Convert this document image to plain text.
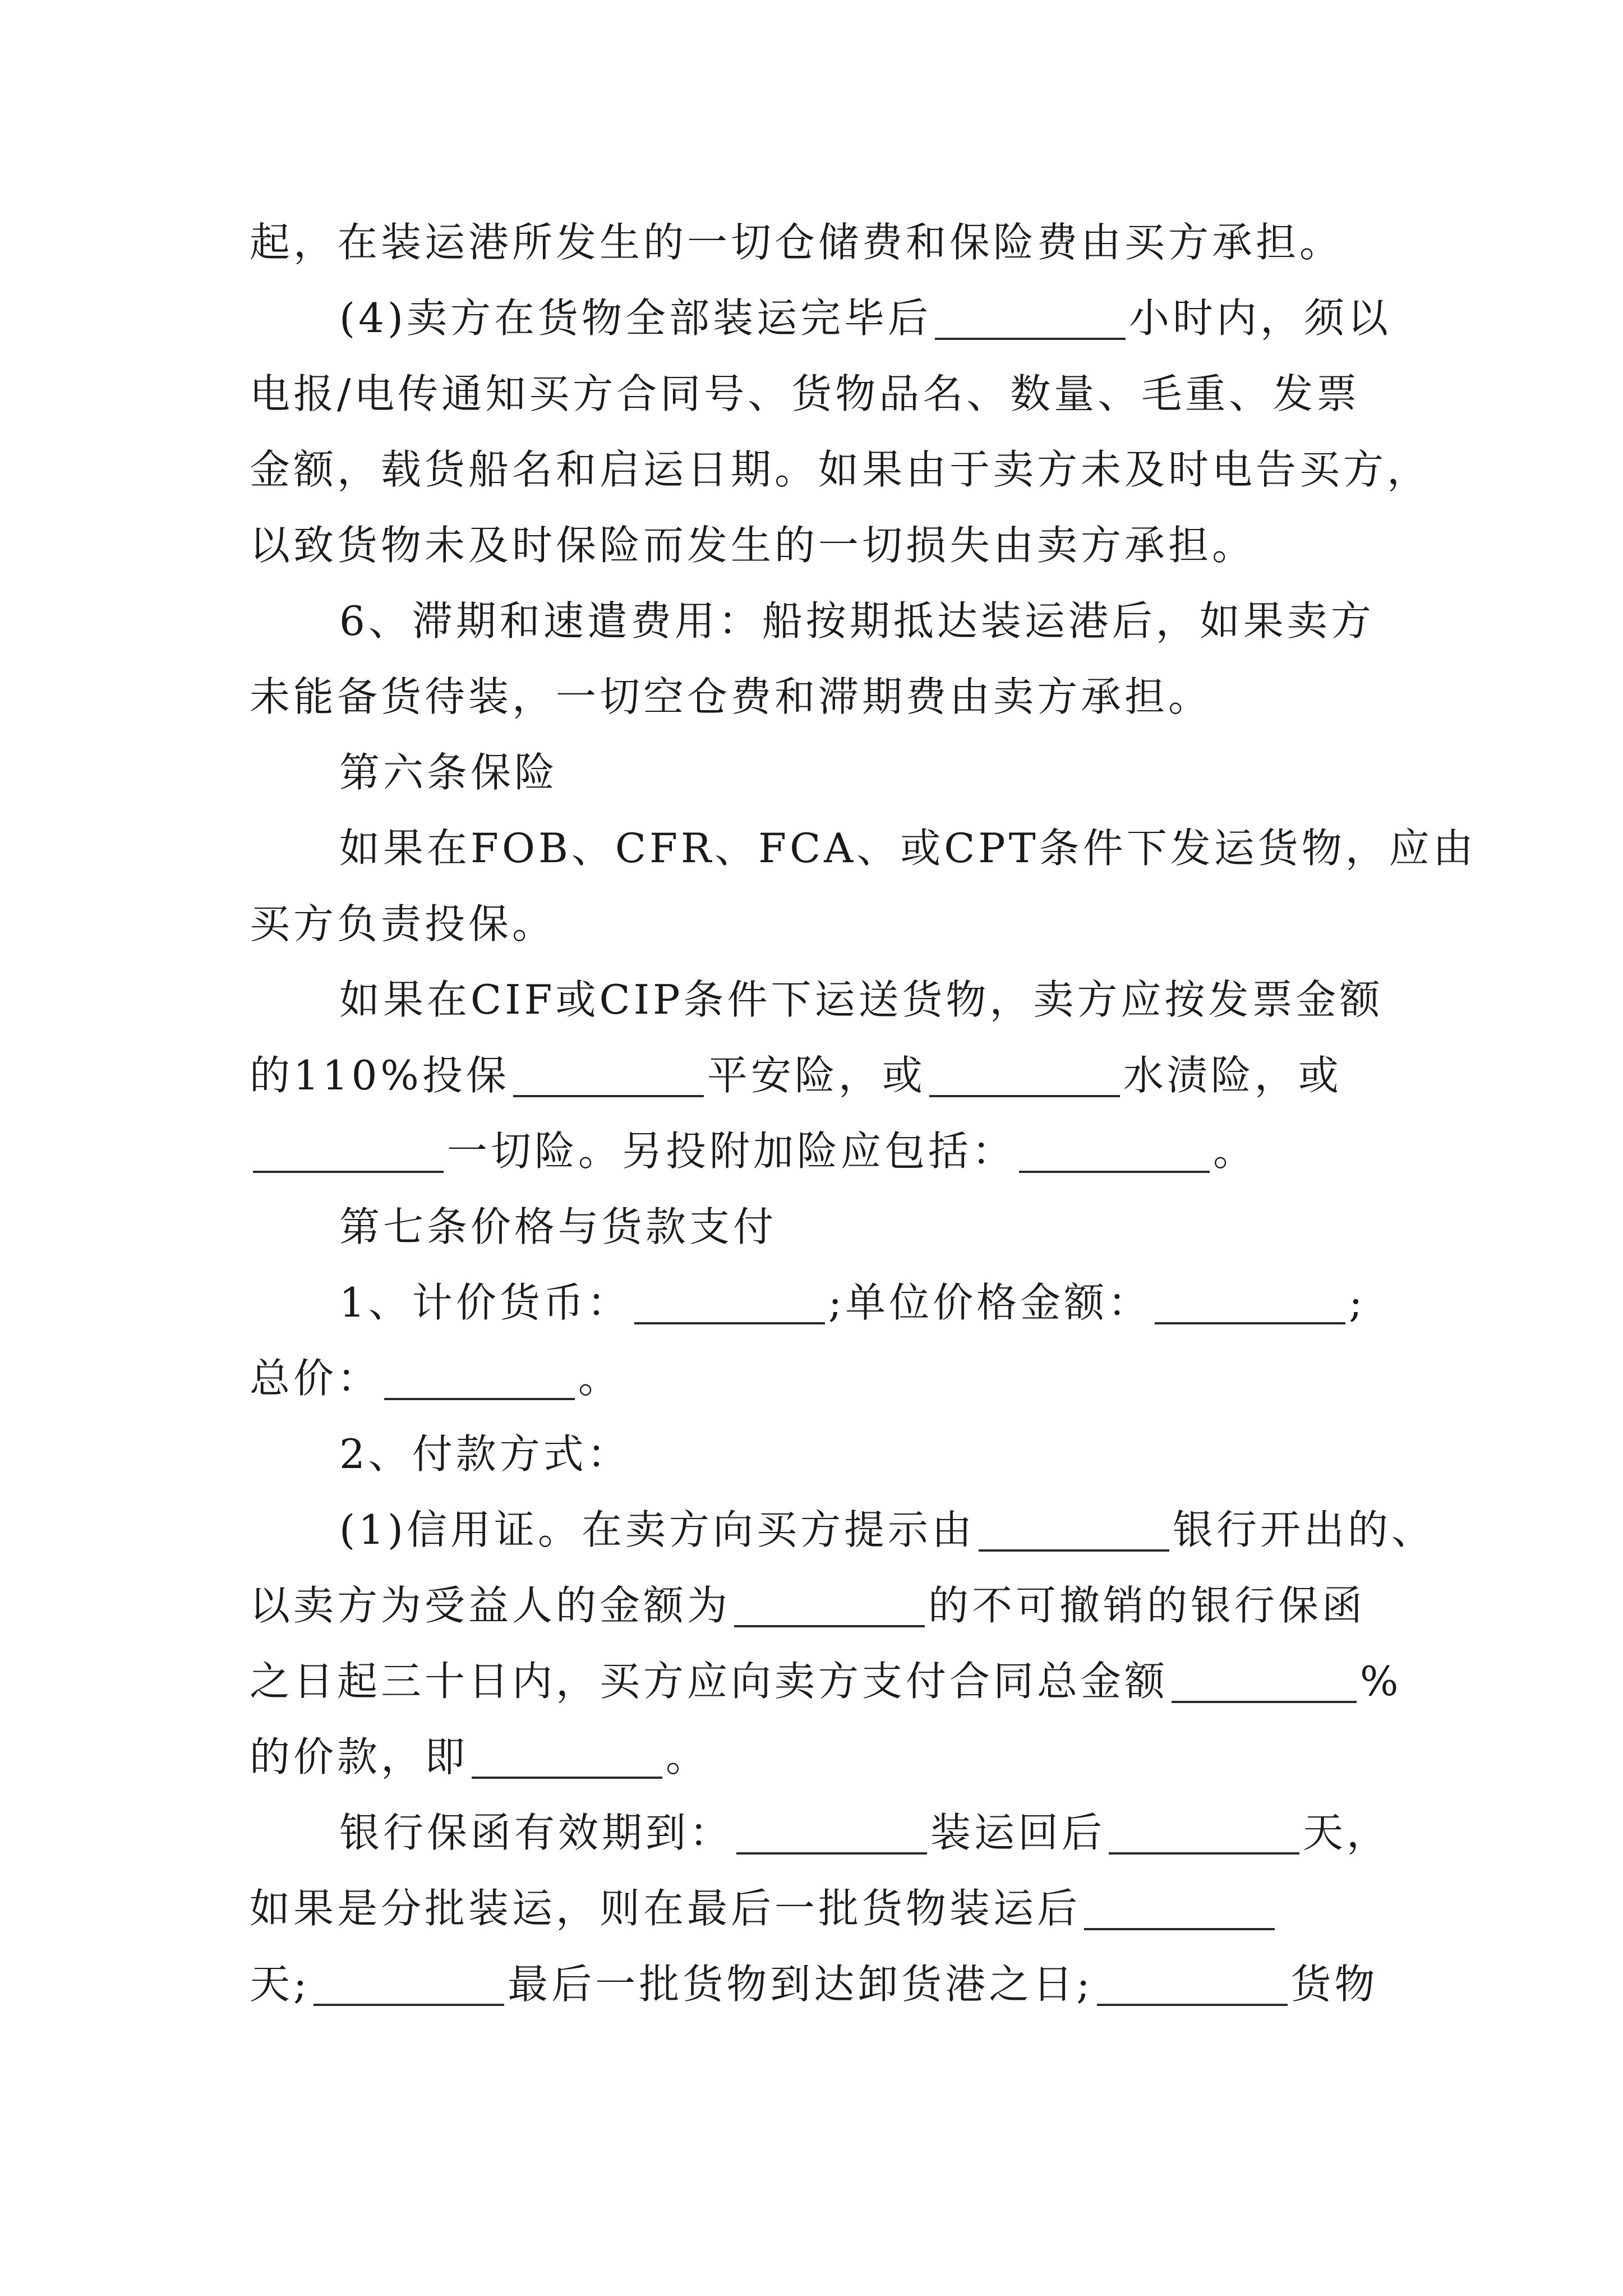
起，在装运港所发生的一切仓储费和保险费由买方承担。
(4)卖方在货物全部装运完毕后	小时内，须以
电报/电传通知买方合同号、货物品名、数量、毛重、发票
金额，载货船名和启运日期。如果由于卖方未及时电告买方，
以致货物未及时保险而发生的一切损失由卖方承担。
6、滞期和速遣费用：船按期抵达装运港后，如果卖方
未能备货待装，一切空仓费和滞期费由卖方承担。
第六条保险
如果在FOB、CFR、FCA、或CPT条件下发运货物，应由
买方负责投保。
如果在CIF或CIP条件下运送货物，卖方应按发票金额
的110%投保	平安险，或	水渍险，或
一切险。另投附加险应包括：	。
第七条价格与货款支付
1、计价货币：	;单位价格金额：	;
总价：	。
2、付款方式：
(1)信用证。在卖方向买方提示由	银行开出的、
以卖方为受益人的金额为	的不可撤销的银行保函
之日起三十日内，买方应向卖方支付合同总金额	%
的价款，即	。
银行保函有效期到：	装运回后	天，
如果是分批装运，则在最后一批货物装运后
天;	最后一批货物到达卸货港之日;	货物
